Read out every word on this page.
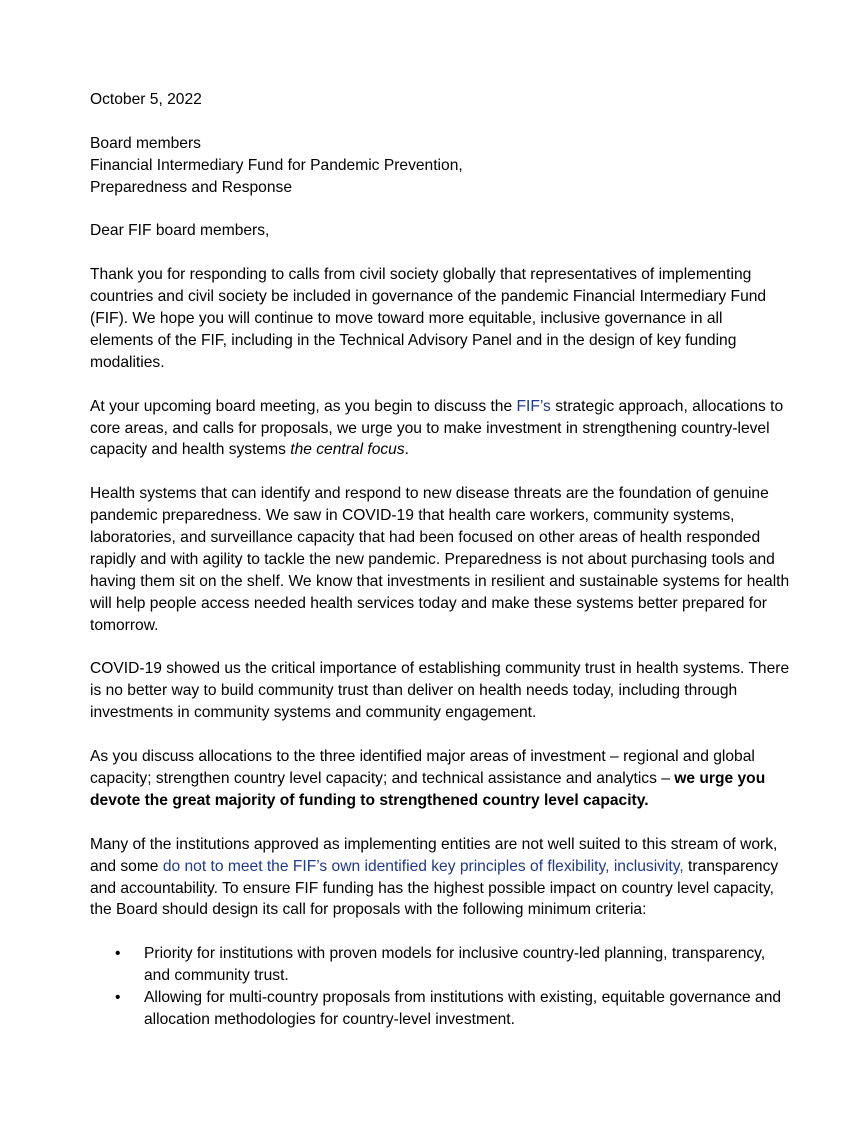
October 5, 2022

Board members

Financial Intermediary Fund for Pandemic Prevention,

Preparedness and Response

Dear FIF board members,

Thank you for responding to calls from civil society globally that representatives of implementing countries and civil society be included in governance of the pandemic Financial Intermediary Fund (FIF). We hope you will continue to move toward more equitable, inclusive governance in all elements of the FIF, including in the Technical Advisory Panel and in the design of key funding modalities.

At your upcoming board meeting, as you begin to discuss the FIF’s strategic approach, allocations to core areas, and calls for proposals, we urge you to make investment in strengthening country-level capacity and health systems the central focus.

Health systems that can identify and respond to new disease threats are the foundation of genuine pandemic preparedness. We saw in COVID-19 that health care workers, community systems, laboratories, and surveillance capacity that had been focused on other areas of health responded rapidly and with agility to tackle the new pandemic. Preparedness is not about purchasing tools and having them sit on the shelf. We know that investments in resilient and sustainable systems for health will help people access needed health services today and make these systems better prepared for tomorrow.

COVID-19 showed us the critical importance of establishing community trust in health systems. There is no better way to build community trust than deliver on health needs today, including through investments in community systems and community engagement.

As you discuss allocations to the three identified major areas of investment – regional and global capacity; strengthen country level capacity; and technical assistance and analytics – we urge you devote the great majority of funding to strengthened country level capacity.

Many of the institutions approved as implementing entities are not well suited to this stream of work, and some do not to meet the FIF’s own identified key principles of flexibility, inclusivity, transparency and accountability. To ensure FIF funding has the highest possible impact on country level capacity, the Board should design its call for proposals with the following minimum criteria:

• Priority for institutions with proven models for inclusive country-led planning, transparency, and community trust.
• Allowing for multi-country proposals from institutions with existing, equitable governance and allocation methodologies for country-level investment.
